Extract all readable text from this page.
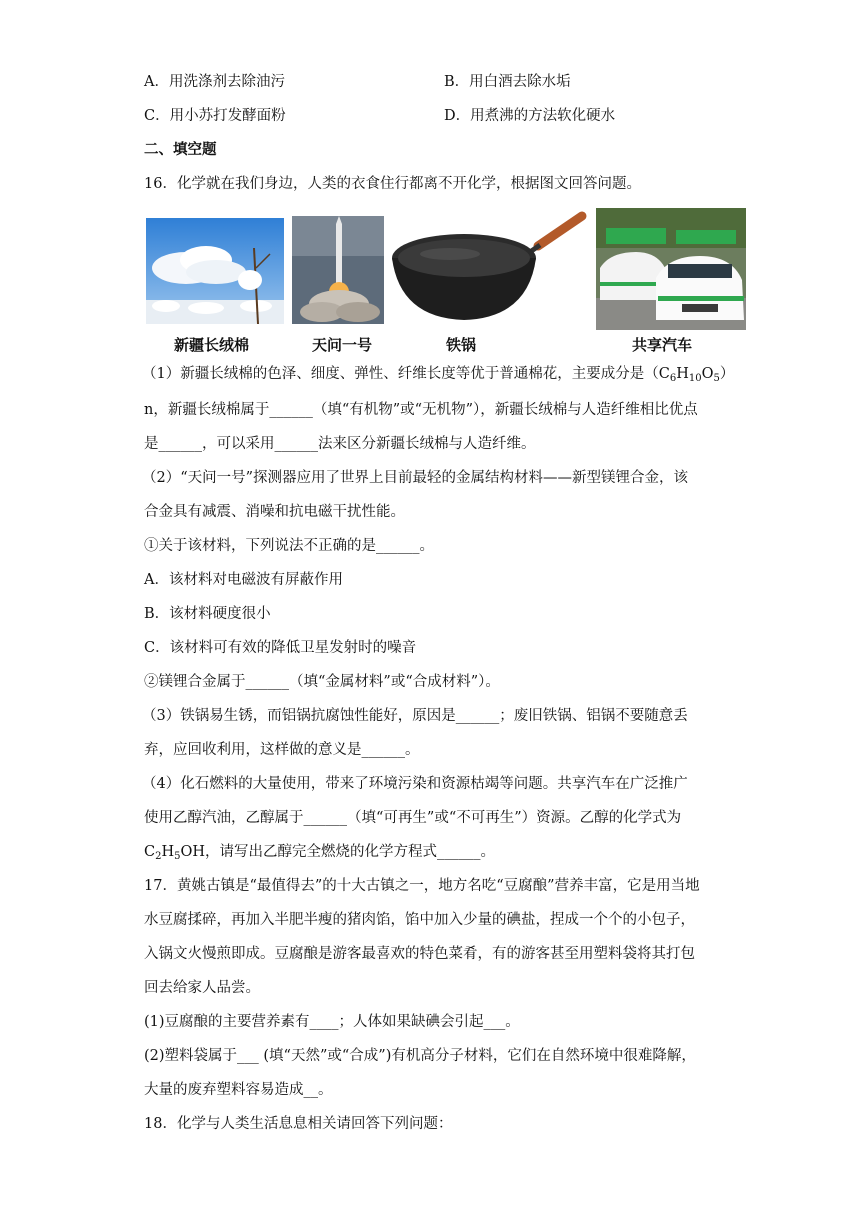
A．用洗涤剂去除油污	B．用白酒去除水垢
C．用小苏打发酵面粉	D．用煮沸的方法软化硬水
二、填空题
16．化学就在我们身边，人类的衣食住行都离不开化学，根据图文回答问题。
新疆长绒棉	天问一号	铁锅	共享汽车
（1）新疆长绒棉的色泽、细度、弹性、纤维长度等优于普通棉花，主要成分是$(C_6H_{10}O_5)$
n，新疆长绒棉属于______（填“有机物”或“无机物”），新疆长绒棉与人造纤维相比优点
是______，可以采用______法来区分新疆长绒棉与人造纤维。
（2）“天问一号”探测器应用了世界上目前最轻的金属结构材料——新型镁锂合金，该
合金具有减震、消噪和抗电磁干扰性能。
①关于该材料，下列说法不正确的是______。
A．该材料对电磁波有屏蔽作用
B．该材料硬度很小
C．该材料可有效的降低卫星发射时的噪音
②镁锂合金属于______（填“金属材料”或“合成材料”）。
（3）铁锅易生锈，而铝锅抗腐蚀性能好，原因是______；废旧铁锅、铝锅不要随意丢
弃，应回收利用，这样做的意义是______。
（4）化石燃料的大量使用，带来了环境污染和资源枯竭等问题。共享汽车在广泛推广
使用乙醇汽油，乙醇属于______（填“可再生”或“不可再生”）资源。乙醇的化学式为
$C_2H_5OH$，请写出乙醇完全燃烧的化学方程式______。
17．黄姚古镇是“最值得去”的十大古镇之一，地方名吃“豆腐酿”营养丰富，它是用当地
水豆腐揉碎，再加入半肥半瘦的猪肉馅，馅中加入少量的碘盐，捏成一个个的小包子，
入锅文火慢煎即成。豆腐酿是游客最喜欢的特色菜肴，有的游客甚至用塑料袋将其打包
回去给家人品尝。
(1)豆腐酿的主要营养素有____；人体如果缺碘会引起___。
(2)塑料袋属于___ (填“天然”或“合成”)有机高分子材料，它们在自然环境中很难降解，
大量的废弃塑料容易造成__。
18．化学与人类生活息息相关请回答下列问题：
